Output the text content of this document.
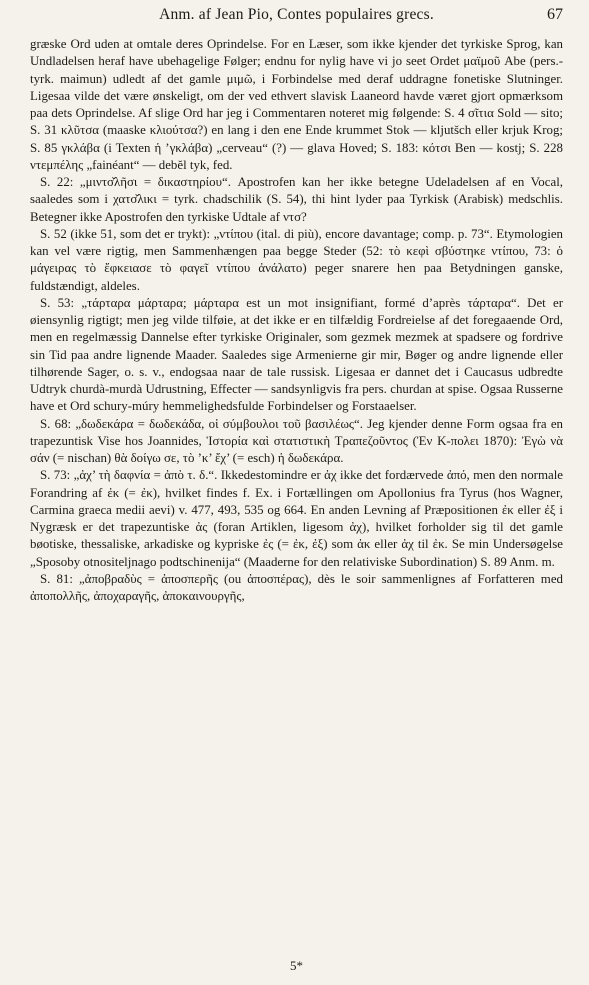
Anm. af Jean Pio, Contes populaires grecs.	67

græske Ord uden at omtale deres Oprindelse. For en Læser, som ikke kjender det tyrkiske Sprog, kan Undladelsen heraf have ubehagelige Følger; endnu for nylig have vi jo seet Ordet μαϊμοῦ Abe (pers.-tyrk. maimun) udledt af det gamle μιμῶ, i Forbindelse med deraf uddragne fonetiske Slutninger. Ligesaa vilde det være ønskeligt, om der ved ethvert slavisk Laaneord havde været gjort opmærksom paa dets Oprindelse. Af slige Ord har jeg i Commentaren noteret mig følgende: S. 4 σῖτια Sold — sito; S. 31 κλῦτσα (maaske κλιούτσα?) en lang i den ene Ende krummet Stok — kljutšch eller krjuk Krog; S. 85 γκλάβα (i Texten ἡ ’γκλάβα) „cerveau“ (?) — glava Hoved; S. 183: κότσι Ben — kostj; S. 228 ντεμπέλης „fainéant“ — debĕl tyk, fed.

S. 22: „μιντσ̌λῆσι = δικαστηρίου“. Apostrofen kan her ikke betegne Udeladelsen af en Vocal, saaledes som i χατσ̌λικι = tyrk. chadschilik (S. 54), thi hint lyder paa Tyrkisk (Arabisk) medschlis. Betegner ikke Apostrofen den tyrkiske Udtale af ντσ?

S. 52 (ikke 51, som det er trykt): „ντίπου (ital. di più), encore davantage; comp. p. 73“. Etymologien kan vel være rigtig, men Sammenhængen paa begge Steder (52: τὸ κεφὶ σβύστηκε ντίπου, 73: ὁ μάγειρας τὸ ἔφκειασε τὸ φαγεῖ ντίπου ἀνάλατο) peger snarere hen paa Betydningen ganske, fuldstændigt, aldeles.

S. 53: „τάρταρα μάρταρα; μάρταρα est un mot insignifiant, formé d’après τάρταρα“. Det er øiensynlig rigtigt; men jeg vilde tilføie, at det ikke er en tilfældig Fordreielse af det foregaaende Ord, men en regelmæssig Dannelse efter tyrkiske Originaler, som gezmek mezmek at spadsere og fordrive sin Tid paa andre lignende Maader. Saaledes sige Armenierne gir mir, Bøger og andre lignende eller tilhørende Sager, o. s. v., endogsaa naar de tale russisk. Ligesaa er dannet det i Caucasus udbredte Udtryk churdà-murdà Udrustning, Effecter — sandsynligvis fra pers. churdan at spise. Ogsaa Russerne have et Ord schury-múry hemmelighedsfulde Forbindelser og Forstaaelser.

S. 68: „δωδεκάρα = δωδεκάδα, οἱ σύμβουλοι τοῦ βασιλέως“. Jeg kjender denne Form ogsaa fra en trapezuntisk Vise hos Joannides, Ἱστορία καὶ στατιστικὴ Τραπεζοῦντος (Ἐν Κ-πολει 1870): Ἐγὼ νὰ σάν (= nischan) θὰ δοίγω σε, τὸ ’κ’ ἔχ’ (= esch) ἡ δωδεκάρα.

S. 73: „ἀχ’ τὴ δαφνία = ἀπὸ τ. δ.“. Ikkedestomindre er ἀχ ikke det fordærvede ἀπό, men den normale Forandring af ἐκ (= ἐκ), hvilket findes f. Ex. i Fortællingen om Apollonius fra Tyrus (hos Wagner, Carmina graeca medii aevi) v. 477, 493, 535 og 664. En anden Levning af Præpositionen ἐκ eller ἐξ i Nygræsk er det trapezuntiske ἀς (foran Artiklen, ligesom ἀχ), hvilket forholder sig til det gamle bøotiske, thessaliske, arkadiske og kypriske ἐς (= ἐκ, ἐξ) som ἀκ eller ἀχ til ἐκ. Se min Undersøgelse „Sposoby otnositeljnago podtschinenija“ (Maaderne for den relativiske Subordination) S. 89 Anm. m.

S. 81: „ἀποβραδὺς = ἀποσπερῆς (ou ἀποσπέρας), dès le soir sammenlignes af Forfatteren med ἀποπολλῆς, ἀποχαραγῆς, ἀποκαινουργῆς,

5*
